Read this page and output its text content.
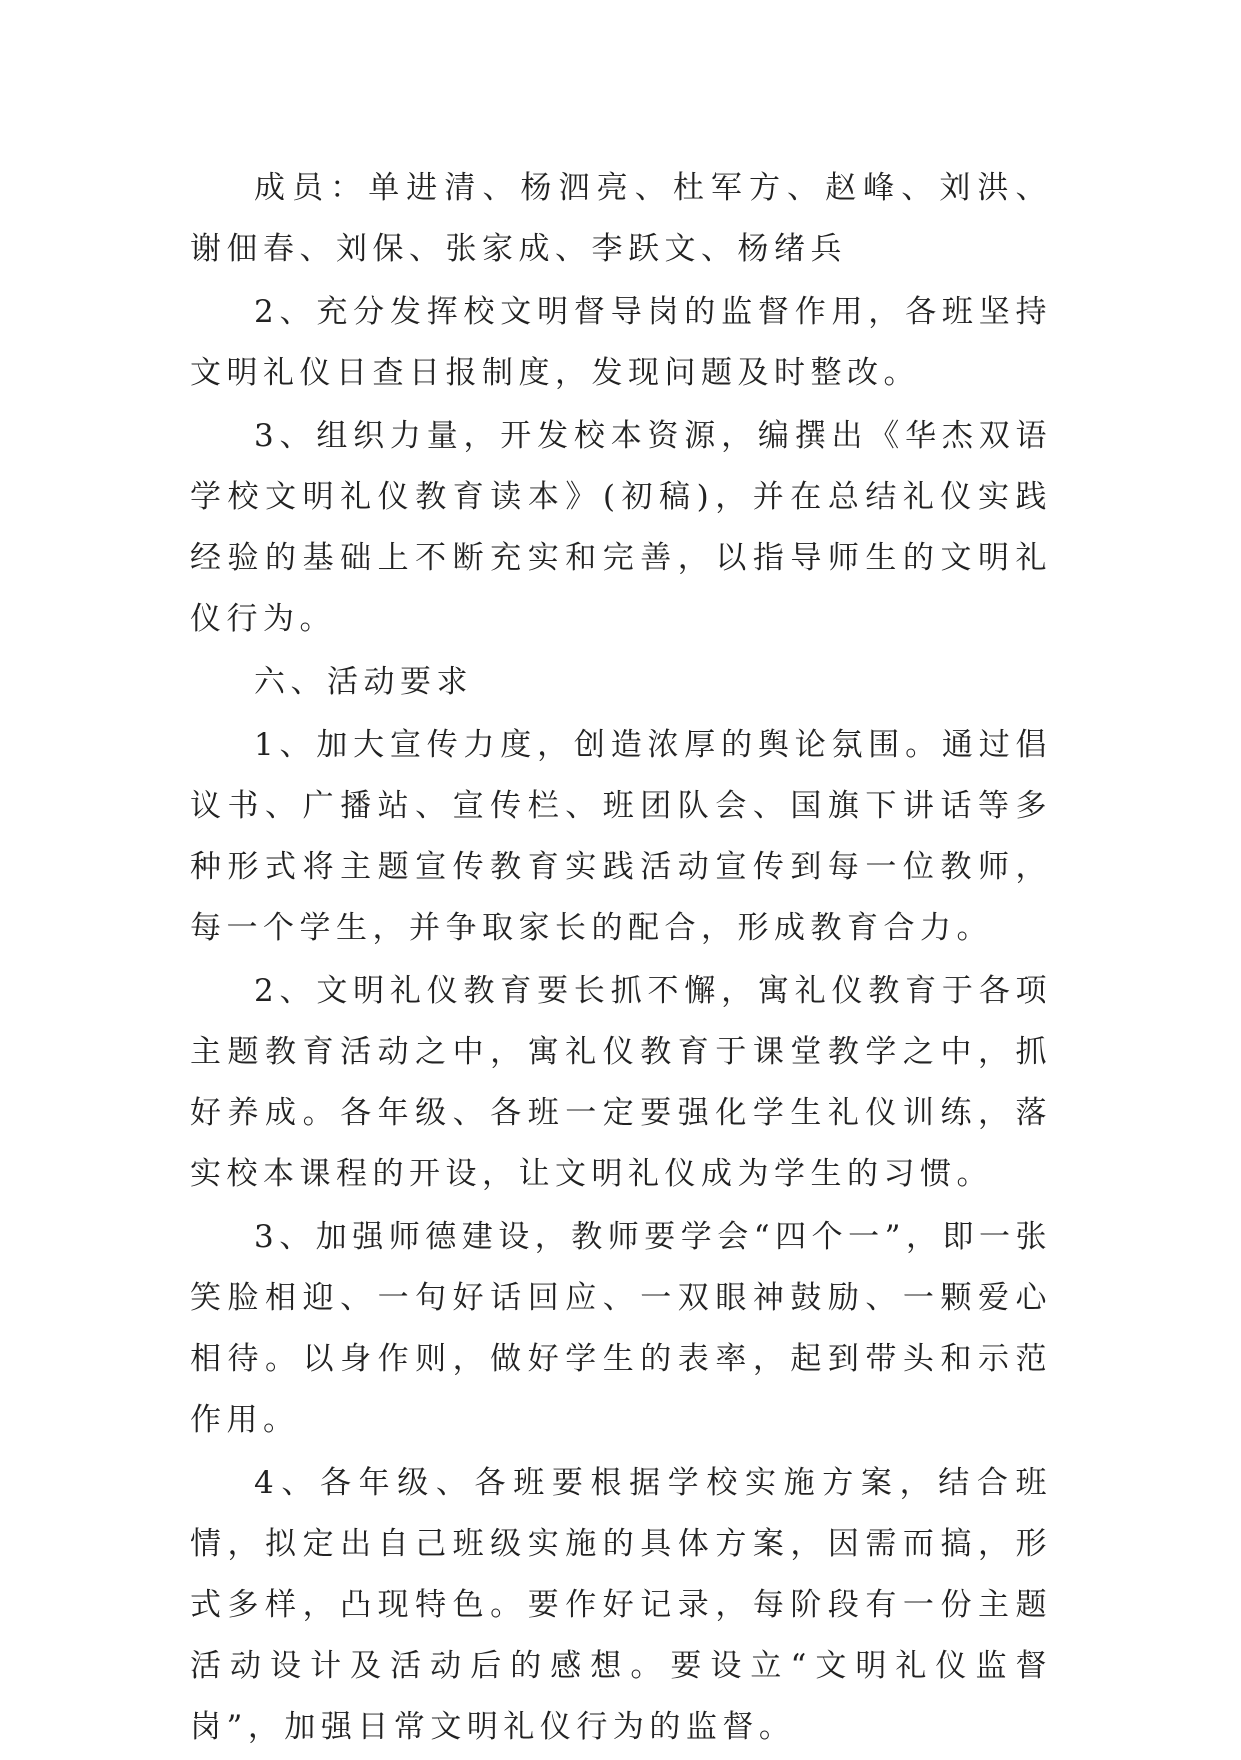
成员：单进清、杨泗亮、杜军方、赵峰、刘洪、谢佃春、刘保、张家成、李跃文、杨绪兵

2、充分发挥校文明督导岗的监督作用，各班坚持文明礼仪日查日报制度，发现问题及时整改。

3、组织力量，开发校本资源，编撰出《华杰双语学校文明礼仪教育读本》(初稿)，并在总结礼仪实践经验的基础上不断充实和完善，以指导师生的文明礼仪行为。

六、活动要求

1、加大宣传力度，创造浓厚的舆论氛围。通过倡议书、广播站、宣传栏、班团队会、国旗下讲话等多种形式将主题宣传教育实践活动宣传到每一位教师，每一个学生，并争取家长的配合，形成教育合力。

2、文明礼仪教育要长抓不懈，寓礼仪教育于各项主题教育活动之中，寓礼仪教育于课堂教学之中，抓好养成。各年级、各班一定要强化学生礼仪训练，落实校本课程的开设，让文明礼仪成为学生的习惯。

3、加强师德建设，教师要学会“四个一”，即一张笑脸相迎、一句好话回应、一双眼神鼓励、一颗爱心相待。以身作则，做好学生的表率，起到带头和示范作用。

4、各年级、各班要根据学校实施方案，结合班情，拟定出自己班级实施的具体方案，因需而搞，形式多样，凸现特色。要作好记录，每阶段有一份主题活动设计及活动后的感想。要设立“文明礼仪监督岗”，加强日常文明礼仪行为的监督。
